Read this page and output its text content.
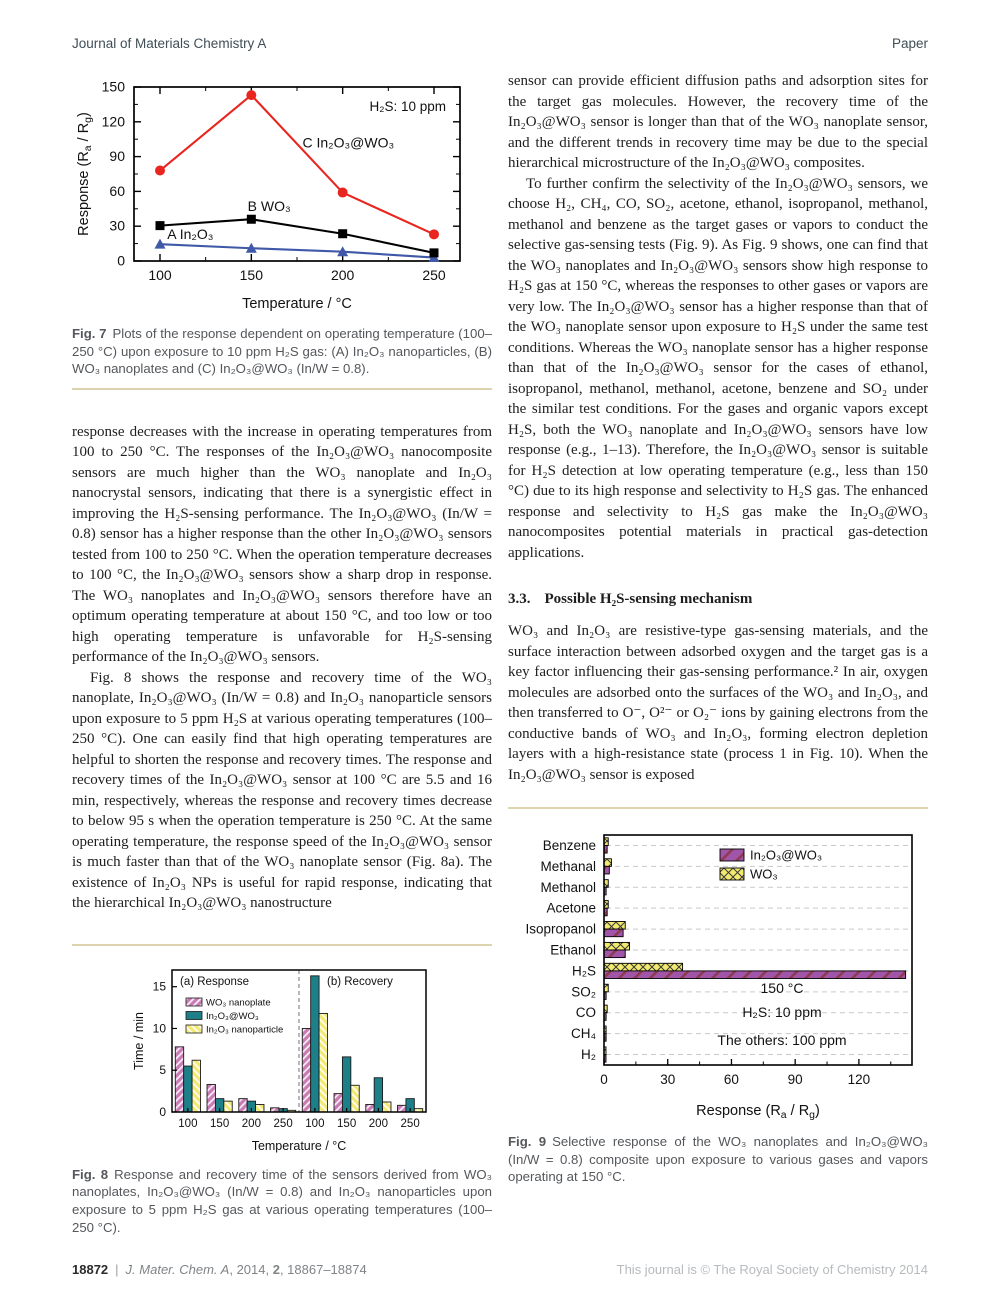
Journal of Materials Chemistry A	Paper
0
30
60
90
120
150
100	150	200	250
H₂S: 10 ppm
C In₂O₃@WO₃
B WO₃
A In₂O₃
Temperature / °C
Response $(R_a / R_g)$
Fig. 7 Plots of the response dependent on operating temperature (100–250 °C) upon exposure to 10 ppm H₂S gas: (A) In₂O₃ nanoparticles, (B) WO₃ nanoplates and (C) In₂O₃@WO₃ (In/W = 0.8).

response decreases with the increase in operating temperatures from 100 to 250 °C. The responses of the In₂O₃@WO₃ nanocomposite sensors are much higher than the WO₃ nanoplate and In₂O₃ nanocrystal sensors, indicating that there is a synergistic effect in improving the H₂S-sensing performance. The In₂O₃@WO₃ (In/W = 0.8) sensor has a higher response than the other In₂O₃@WO₃ sensors tested from 100 to 250 °C. When the operation temperature decreases to 100 °C, the In₂O₃@WO₃ sensors show a sharp drop in response. The WO₃ nanoplates and In₂O₃@WO₃ sensors therefore have an optimum operating temperature at about 150 °C, and too low or too high operating temperature is unfavorable for H₂S-sensing performance of the In₂O₃@WO₃ sensors.

Fig. 8 shows the response and recovery time of the WO₃ nanoplate, In₂O₃@WO₃ (In/W = 0.8) and In₂O₃ nanoparticle sensors upon exposure to 5 ppm H₂S at various operating temperatures (100–250 °C). One can easily find that high operating temperatures are helpful to shorten the response and recovery times. The response and recovery times of the In₂O₃@WO₃ sensor at 100 °C are 5.5 and 16 min, respectively, whereas the response and recovery times decrease to below 95 s when the operation temperature is 250 °C. At the same operating temperature, the response speed of the In₂O₃@WO₃ sensor is much faster than that of the WO₃ nanoplate sensor (Fig. 8a). The existence of In₂O₃ NPs is useful for rapid response, indicating that the hierarchical In₂O₃@WO₃ nanostructure

100 150 200 250 100 150 200 250
0
5
10
15 (a) Response	(b) Recovery
WO₃ nanoplate
In₂O₃@WO₃
In₂O₃ nanoparticle
Temperature / °C
Time / min
Fig. 8 Response and recovery time of the sensors derived from WO₃ nanoplates, In₂O₃@WO₃ (In/W = 0.8) and In₂O₃ nanoparticles upon exposure to 5 ppm H₂S gas at various operating temperatures (100–250 °C).

sensor can provide efficient diffusion paths and adsorption sites for the target gas molecules. However, the recovery time of the In₂O₃@WO₃ sensor is longer than that of the WO₃ nanoplate sensor, and the different trends in recovery time may be due to the special hierarchical microstructure of the In₂O₃@WO₃ composites.

To further confirm the selectivity of the In₂O₃@WO₃ sensors, we choose H₂, CH₄, CO, SO₂, acetone, ethanol, isopropanol, methanol, methanol and benzene as the target gases or vapors to conduct the selective gas-sensing tests (Fig. 9). As Fig. 9 shows, one can find that the WO₃ nanoplates and In₂O₃@WO₃ sensors show high response to H₂S gas at 150 °C, whereas the responses to other gases or vapors are very low. The In₂O₃@WO₃ sensor has a higher response than that of the WO₃ nanoplate sensor upon exposure to H₂S under the same test conditions. Whereas the WO₃ nanoplate sensor has a higher response than that of the In₂O₃@WO₃ sensor for the cases of ethanol, isopropanol, methanol, methanol, acetone, benzene and SO₂ under the similar test conditions. For the gases and organic vapors except H₂S, both the WO₃ nanoplate and In₂O₃@WO₃ sensors have low response (e.g., 1–13). Therefore, the In₂O₃@WO₃ sensor is suitable for H₂S detection at low operating temperature (e.g., less than 150 °C) due to its high response and selectivity to H₂S gas. The enhanced response and selectivity to H₂S gas make the In₂O₃@WO₃ nanocomposites potential materials in practical gas-detection applications.

3.3. Possible H₂S-sensing mechanism

WO₃ and In₂O₃ are resistive-type gas-sensing materials, and the surface interaction between adsorbed oxygen and the target gas is a key factor influencing their gas-sensing performance.² In air, oxygen molecules are adsorbed onto the surfaces of the WO₃ and In₂O₃, and then transferred to O⁻, O²⁻ or O₂⁻ ions by gaining electrons from the conductive bands of WO₃ and In₂O₃, forming electron depletion layers with a high-resistance state (process 1 in Fig. 10). When the In₂O₃@WO₃ sensor is exposed

Benzene
Methanal
Methanol
Acetone
Isopropanol
Ethanol
H₂S
SO₂
CO
CH₄
H₂
0	30	60	90	120
In₂O₃@WO₃
WO₃
150 °C
H₂S: 10 ppm
The others: 100 ppm
Response $(R_a / R_g)$
Fig. 9 Selective response of the WO₃ nanoplates and In₂O₃@WO₃ (In/W = 0.8) composite upon exposure to various gases and vapors operating at 150 °C.
18872 | J. Mater. Chem. A, 2014, 2, 18867–18874	This journal is © The Royal Society of Chemistry 2014
